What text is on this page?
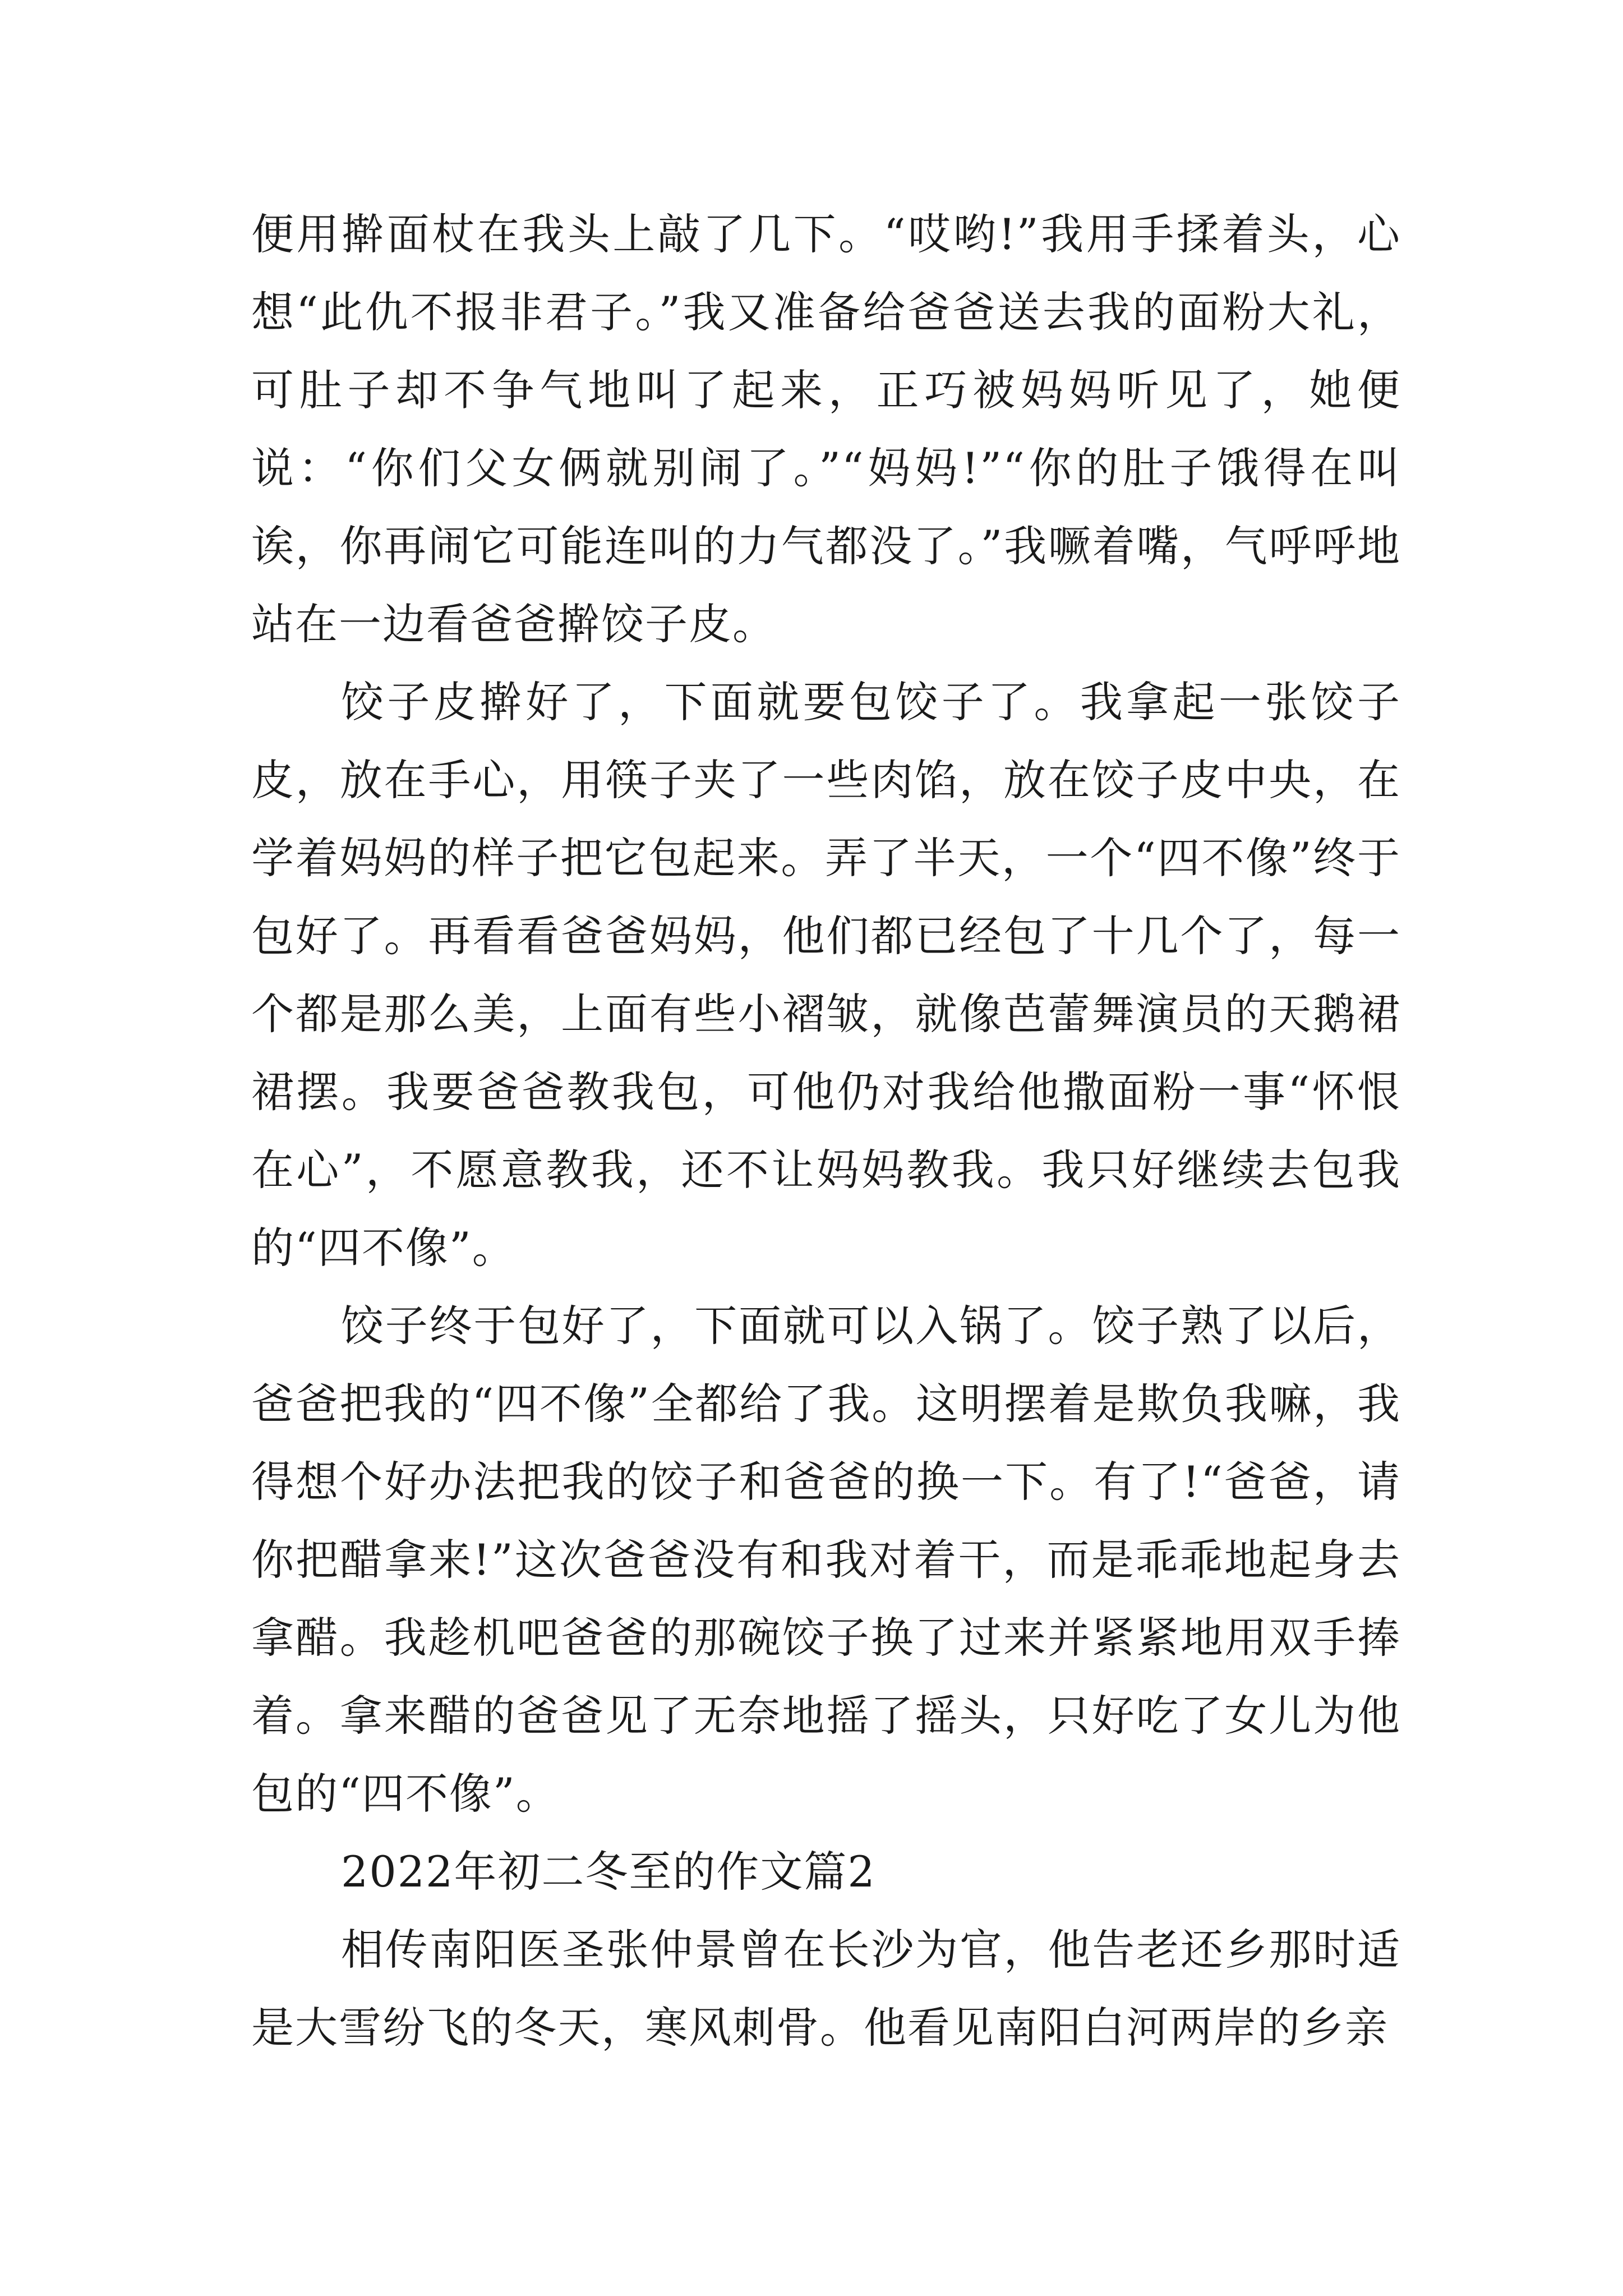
便用擀面杖在我头上敲了几下。“哎哟!”我用手揉着头，心想“此仇不报非君子。”我又准备给爸爸送去我的面粉大礼，可肚子却不争气地叫了起来，正巧被妈妈听见了，她便说：“你们父女俩就别闹了。”“妈妈!”“你的肚子饿得在叫诶，你再闹它可能连叫的力气都没了。”我噘着嘴，气呼呼地站在一边看爸爸擀饺子皮。

饺子皮擀好了，下面就要包饺子了。我拿起一张饺子皮，放在手心，用筷子夹了一些肉馅，放在饺子皮中央，在学着妈妈的样子把它包起来。弄了半天，一个“四不像”终于包好了。再看看爸爸妈妈，他们都已经包了十几个了，每一个都是那么美，上面有些小褶皱，就像芭蕾舞演员的天鹅裙裙摆。我要爸爸教我包，可他仍对我给他撒面粉一事“怀恨在心”，不愿意教我，还不让妈妈教我。我只好继续去包我的“四不像”。

饺子终于包好了，下面就可以入锅了。饺子熟了以后，爸爸把我的“四不像”全都给了我。这明摆着是欺负我嘛，我得想个好办法把我的饺子和爸爸的换一下。有了!“爸爸，请你把醋拿来!”这次爸爸没有和我对着干，而是乖乖地起身去拿醋。我趁机吧爸爸的那碗饺子换了过来并紧紧地用双手捧着。拿来醋的爸爸见了无奈地摇了摇头，只好吃了女儿为他包的“四不像”。

2022年初二冬至的作文篇2

相传南阳医圣张仲景曾在长沙为官，他告老还乡那时适是大雪纷飞的冬天，寒风刺骨。他看见南阳白河两岸的乡亲
